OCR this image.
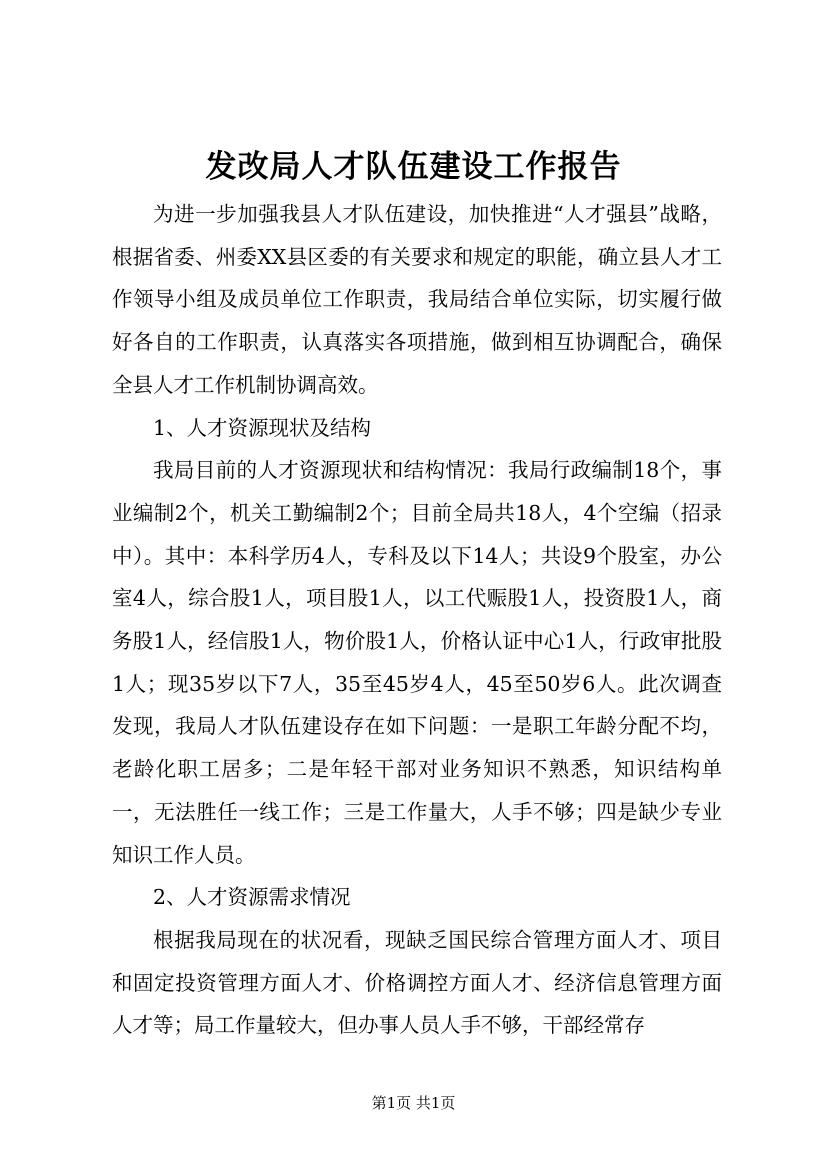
发改局人才队伍建设工作报告

为进一步加强我县人才队伍建设，加快推进“人才强县”战略，根据省委、州委XX县区委的有关要求和规定的职能，确立县人才工作领导小组及成员单位工作职责，我局结合单位实际，切实履行做好各自的工作职责，认真落实各项措施，做到相互协调配合，确保全县人才工作机制协调高效。

1、人才资源现状及结构

我局目前的人才资源现状和结构情况：我局行政编制18个，事业编制2个，机关工勤编制2个；目前全局共18人，4个空编（招录中）。其中：本科学历4人，专科及以下14人；共设9个股室，办公室4人，综合股1人，项目股1人，以工代赈股1人，投资股1人，商务股1人，经信股1人，物价股1人，价格认证中心1人，行政审批股1人；现35岁以下7人，35至45岁4人，45至50岁6人。此次调查发现，我局人才队伍建设存在如下问题：一是职工年龄分配不均，老龄化职工居多；二是年轻干部对业务知识不熟悉，知识结构单一，无法胜任一线工作；三是工作量大，人手不够；四是缺少专业知识工作人员。

2、人才资源需求情况

根据我局现在的状况看，现缺乏国民综合管理方面人才、项目和固定投资管理方面人才、价格调控方面人才、经济信息管理方面人才等；局工作量较大，但办事人员人手不够，干部经常存

第1页 共1页
